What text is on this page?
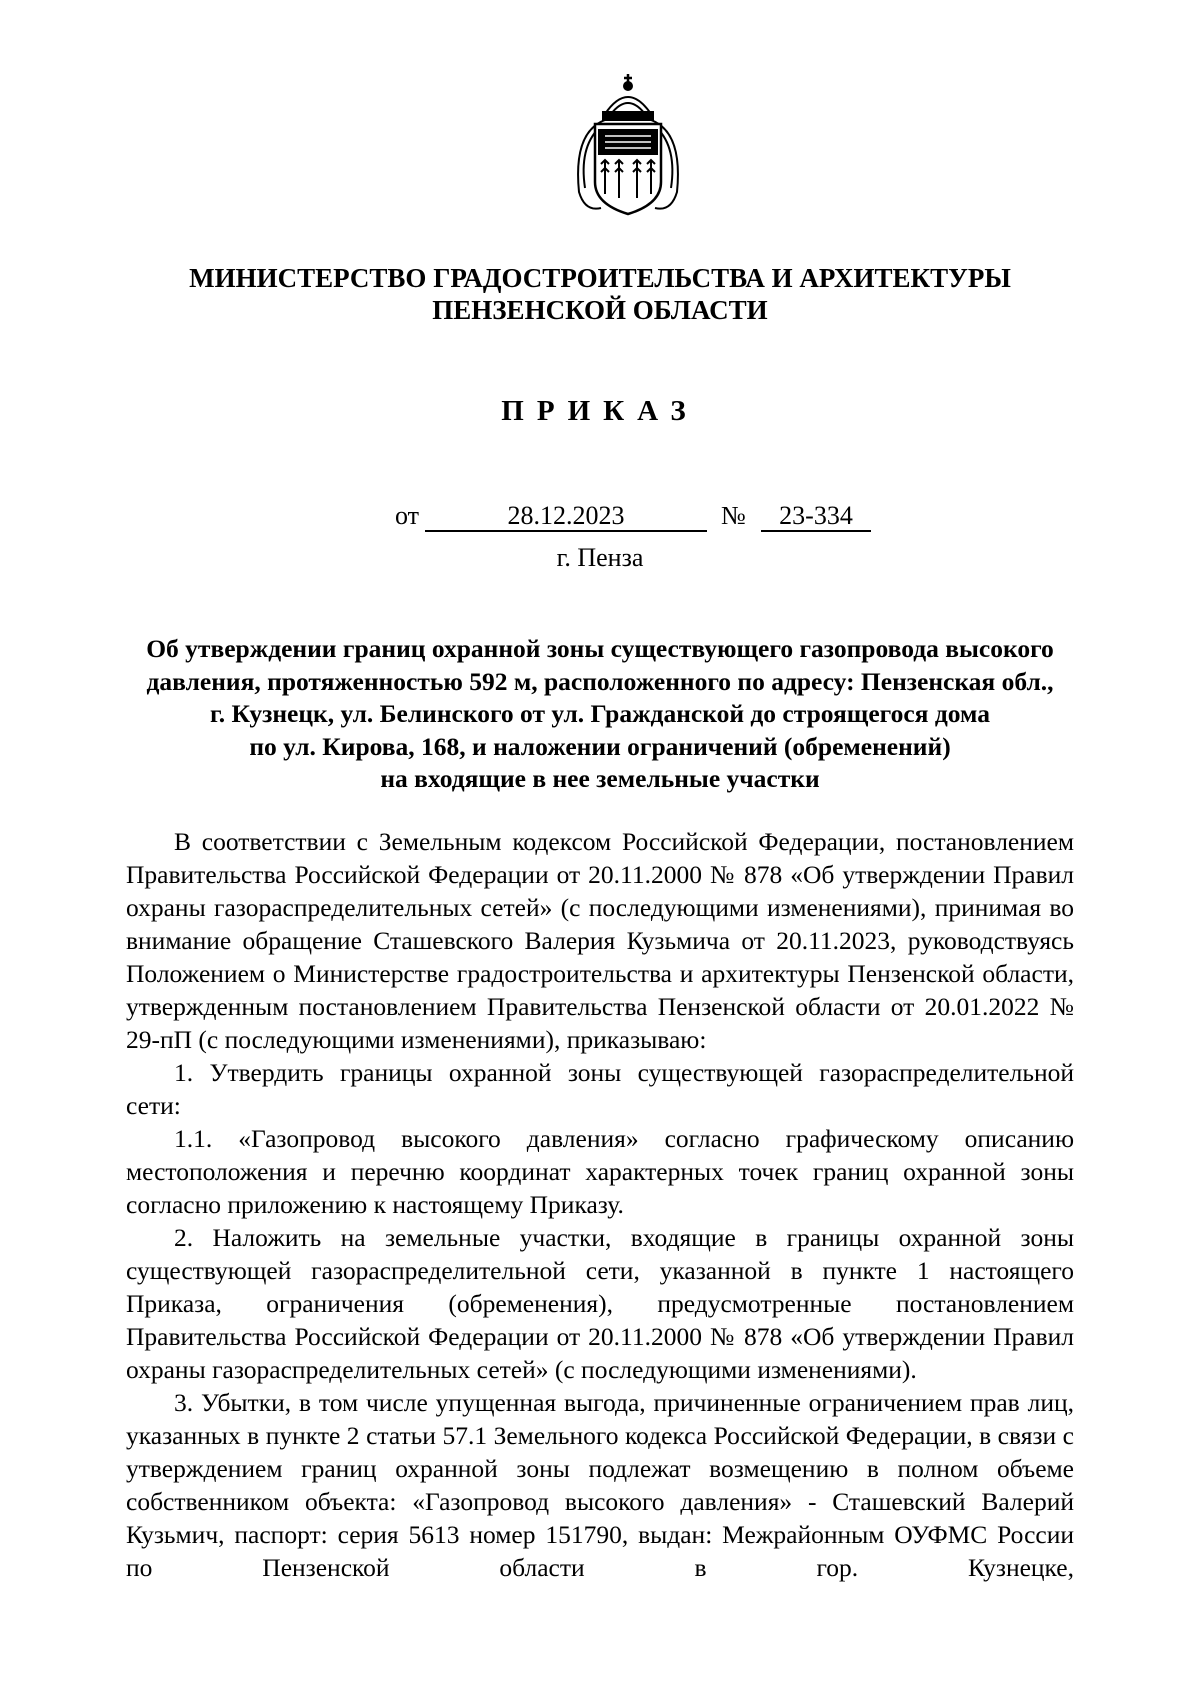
МИНИСТЕРСТВО ГРАДОСТРОИТЕЛЬСТВА И АРХИТЕКТУРЫ
ПЕНЗЕНСКОЙ ОБЛАСТИ
ПРИКАЗ
от	28.12.2023	№	23-334
г. Пенза
Об утверждении границ охранной зоны существующего газопровода высокого
давления, протяженностью 592 м, расположенного по адресу: Пензенская обл.,
г. Кузнецк, ул. Белинского от ул. Гражданской до строящегося дома
по ул. Кирова, 168, и наложении ограничений (обременений)
на входящие в нее земельные участки

В соответствии с Земельным кодексом Российской Федерации, постановлением Правительства Российской Федерации от 20.11.2000 № 878 «Об утверждении Правил охраны газораспределительных сетей» (с последующими изменениями), принимая во внимание обращение Сташевского Валерия Кузьмича от 20.11.2023, руководствуясь Положением о Министерстве градостроительства и архитектуры Пензенской области, утвержденным постановлением Правительства Пензенской области от 20.01.2022 № 29-пП (с последующими изменениями), приказываю:

1. Утвердить границы охранной зоны существующей газораспределительной сети:

1.1. «Газопровод высокого давления» согласно графическому описанию местоположения и перечню координат характерных точек границ охранной зоны согласно приложению к настоящему Приказу.

2. Наложить на земельные участки, входящие в границы охранной зоны существующей газораспределительной сети, указанной в пункте 1 настоящего Приказа, ограничения (обременения), предусмотренные постановлением Правительства Российской Федерации от 20.11.2000 № 878 «Об утверждении Правил охраны газораспределительных сетей» (с последующими изменениями).

3. Убытки, в том числе упущенная выгода, причиненные ограничением прав лиц, указанных в пункте 2 статьи 57.1 Земельного кодекса Российской Федерации, в связи с утверждением границ охранной зоны подлежат возмещению в полном объеме собственником объекта: «Газопровод высокого давления» - Сташевский Валерий Кузьмич, паспорт: серия 5613 номер 151790, выдан: Межрайонным ОУФМС России по Пензенской области в гор. Кузнецке,
